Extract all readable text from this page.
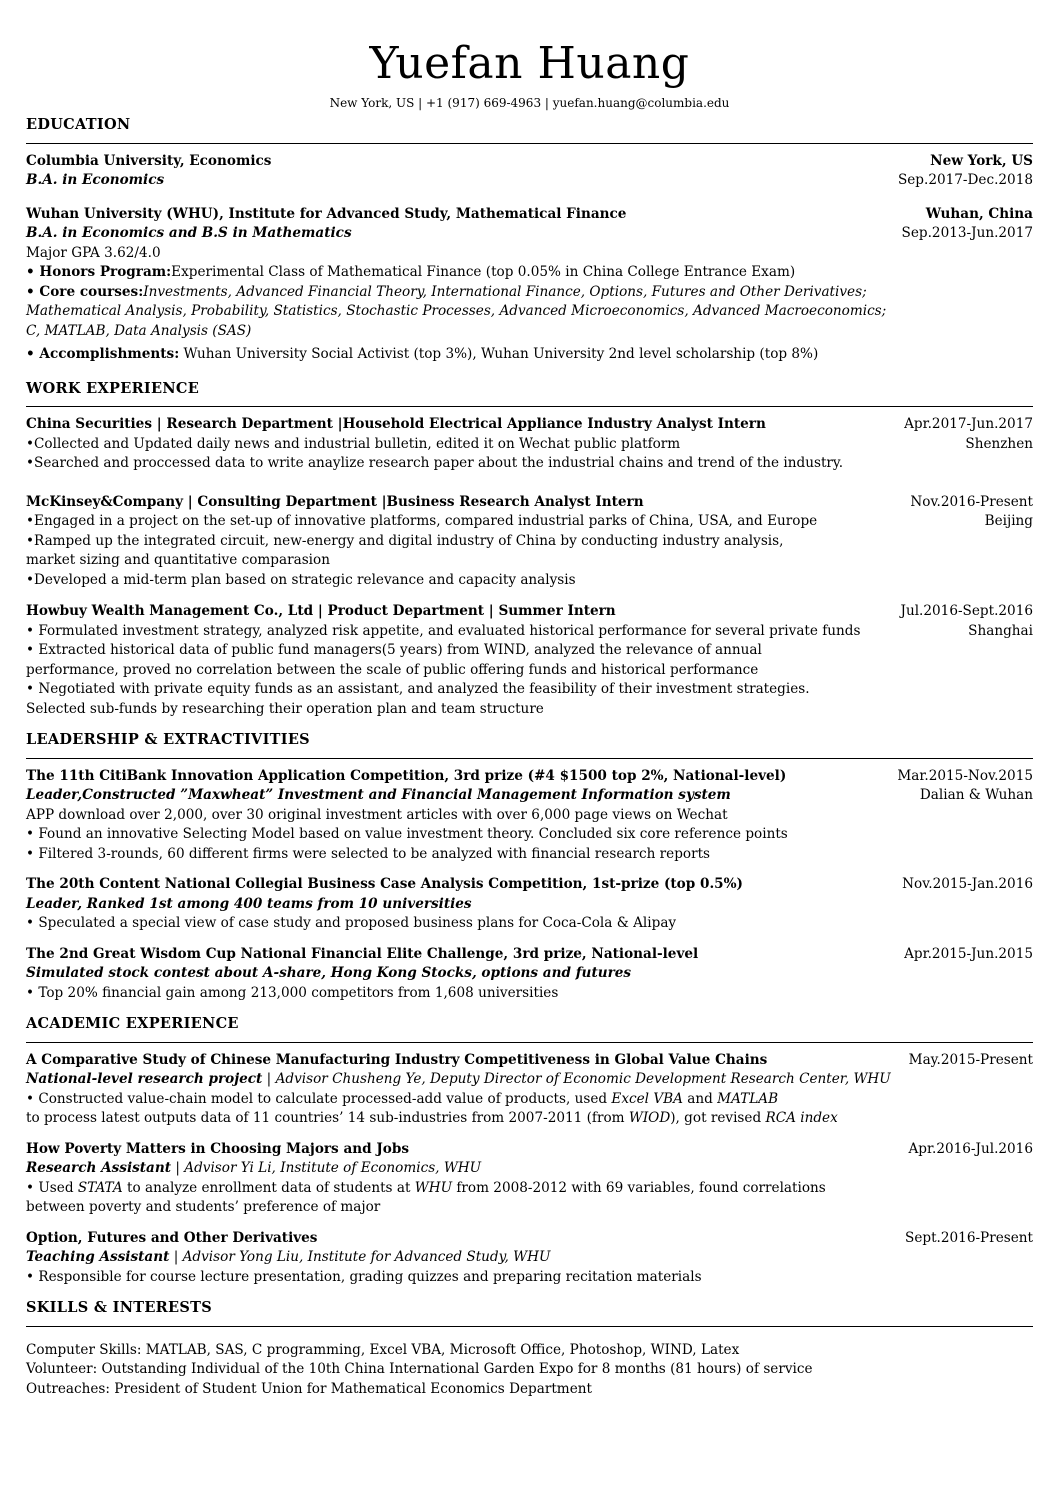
Yuefan Huang
New York, US | +1 (917) 669-4963 | yuefan.huang@columbia.edu
EDUCATION
Columbia University, Economics	New York, US
B.A. in Economics	Sep.2017-Dec.2018
Wuhan University (WHU), Institute for Advanced Study, Mathematical Finance	Wuhan, China
B.A. in Economics and B.S in Mathematics	Sep.2013-Jun.2017
Major GPA 3.62/4.0
• Honors Program:Experimental Class of Mathematical Finance (top 0.05% in China College Entrance Exam)
• Core courses:Investments, Advanced Financial Theory, International Finance, Options, Futures and Other Derivatives;
Mathematical Analysis, Probability, Statistics, Stochastic Processes, Advanced Microeconomics, Advanced Macroeconomics;
C, MATLAB, Data Analysis (SAS)
• Accomplishments: Wuhan University Social Activist (top 3%), Wuhan University 2nd level scholarship (top 8%)
WORK EXPERIENCE
China Securities | Research Department |Household Electrical Appliance Industry Analyst Intern	Apr.2017-Jun.2017
•Collected and Updated daily news and industrial bulletin, edited it on Wechat public platform	Shenzhen
•Searched and proccessed data to write anaylize research paper about the industrial chains and trend of the industry.
McKinsey&Company | Consulting Department |Business Research Analyst Intern	Nov.2016-Present
•Engaged in a project on the set-up of innovative platforms, compared industrial parks of China, USA, and Europe	Beijing
•Ramped up the integrated circuit, new-energy and digital industry of China by conducting industry analysis,
market sizing and quantitative comparasion
•Developed a mid-term plan based on strategic relevance and capacity analysis
Howbuy Wealth Management Co., Ltd | Product Department | Summer Intern	Jul.2016-Sept.2016
• Formulated investment strategy, analyzed risk appetite, and evaluated historical performance for several private funds	Shanghai
• Extracted historical data of public fund managers(5 years) from WIND, analyzed the relevance of annual
performance, proved no correlation between the scale of public offering funds and historical performance
• Negotiated with private equity funds as an assistant, and analyzed the feasibility of their investment strategies.
Selected sub-funds by researching their operation plan and team structure
LEADERSHIP & EXTRACTIVITIES
The 11th CitiBank Innovation Application Competition, 3rd prize (#4 $1500 top 2%, National-level)	Mar.2015-Nov.2015
Leader,Constructed ”Maxwheat” Investment and Financial Management Information system	Dalian & Wuhan
APP download over 2,000, over 30 original investment articles with over 6,000 page views on Wechat
• Found an innovative Selecting Model based on value investment theory. Concluded six core reference points
• Filtered 3-rounds, 60 different firms were selected to be analyzed with financial research reports
The 20th Content National Collegial Business Case Analysis Competition, 1st-prize (top 0.5%)	Nov.2015-Jan.2016
Leader, Ranked 1st among 400 teams from 10 universities
• Speculated a special view of case study and proposed business plans for Coca-Cola & Alipay
The 2nd Great Wisdom Cup National Financial Elite Challenge, 3rd prize, National-level	Apr.2015-Jun.2015
Simulated stock contest about A-share, Hong Kong Stocks, options and futures
• Top 20% financial gain among 213,000 competitors from 1,608 universities
ACADEMIC EXPERIENCE
A Comparative Study of Chinese Manufacturing Industry Competitiveness in Global Value Chains	May.2015-Present
National-level research project | Advisor Chusheng Ye, Deputy Director of Economic Development Research Center, WHU
• Constructed value-chain model to calculate processed-add value of products, used Excel VBA and MATLAB
to process latest outputs data of 11 countries’ 14 sub-industries from 2007-2011 (from WIOD), got revised RCA index
How Poverty Matters in Choosing Majors and Jobs	Apr.2016-Jul.2016
Research Assistant | Advisor Yi Li, Institute of Economics, WHU
• Used STATA to analyze enrollment data of students at WHU from 2008-2012 with 69 variables, found correlations
between poverty and students’ preference of major
Option, Futures and Other Derivatives	Sept.2016-Present
Teaching Assistant | Advisor Yong Liu, Institute for Advanced Study, WHU
• Responsible for course lecture presentation, grading quizzes and preparing recitation materials
SKILLS & INTERESTS
Computer Skills: MATLAB, SAS, C programming, Excel VBA, Microsoft Office, Photoshop, WIND, Latex
Volunteer: Outstanding Individual of the 10th China International Garden Expo for 8 months (81 hours) of service
Outreaches: President of Student Union for Mathematical Economics Department
